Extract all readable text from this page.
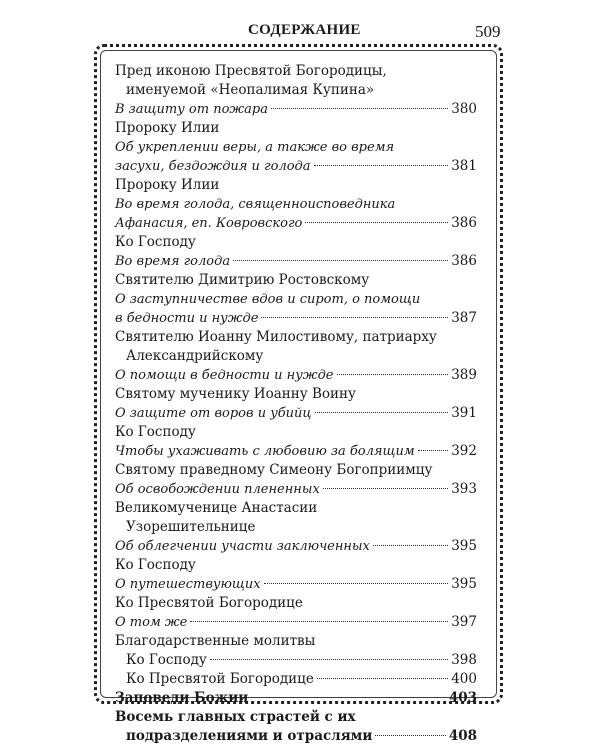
СОДЕРЖАНИЕ	509
Пред иконою Пресвятой Богородицы,
именуемой «Неопалимая Купина»
В защиту от пожара	380
Пророку Илии
Об укреплении веры, а также во время
засухи, бездождия и голода	381
Пророку Илии
Во время голода, священноисповедника
Афанасия, еп. Ковровского	386
Ко Господу
Во время голода	386
Святителю Димитрию Ростовскому
О заступничестве вдов и сирот, о помощи
в бедности и нужде	387
Святителю Иоанну Милостивому, патриарху
Александрийскому
О помощи в бедности и нужде	389
Святому мученику Иоанну Воину
О защите от воров и убийц	391
Ко Господу
Чтобы ухаживать с любовию за болящим	392
Святому праведному Симеону Богоприимцу
Об освобождении плененных	393
Великомученице Анастасии
Узорешительнице
Об облегчении участи заключенных	395
Ко Господу
О путешествующих	395
Ко Пресвятой Богородице
О том же	397
Благодарственные молитвы
Ко Господу	398
Ко Пресвятой Богородице	400
Заповеди Божии	403
Восемь главных страстей с их
подразделениями и отраслями	408
